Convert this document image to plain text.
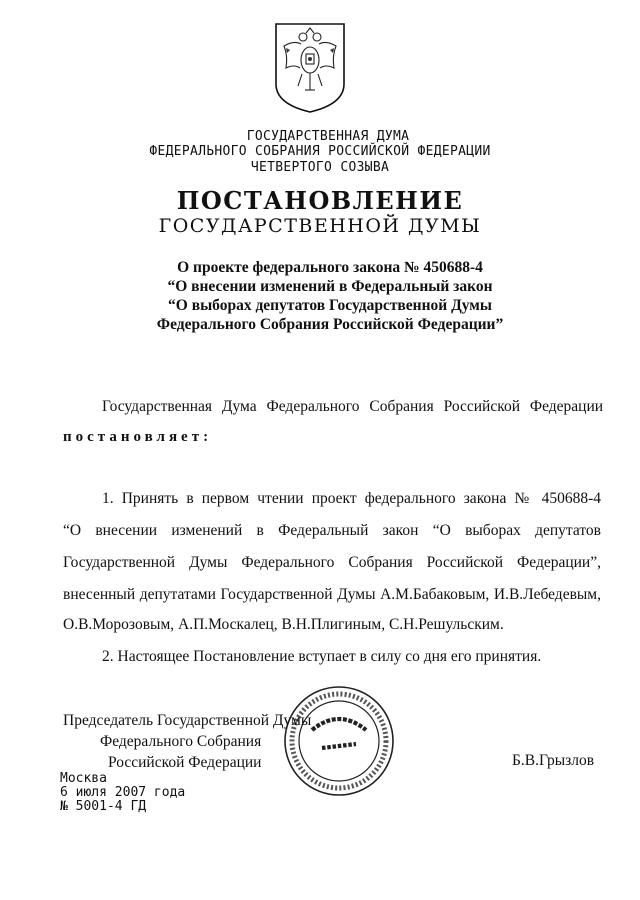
ГОСУДАРСТВЕННАЯ ДУМА
ФЕДЕРАЛЬНОГО СОБРАНИЯ РОССИЙСКОЙ ФЕДЕРАЦИИ
ЧЕТВЕРТОГО СОЗЫВА
ПОСТАНОВЛЕНИЕ
ГОСУДАРСТВЕННОЙ ДУМЫ
О проекте федерального закона № 450688-4
“О внесении изменений в Федеральный закон
“О выборах депутатов Государственной Думы
Федерального Собрания Российской Федерации”
Государственная Дума Федерального Собрания Российской Федерации
постановляет:
1. Принять в первом чтении проект федерального закона № 450688-4
“О внесении изменений в Федеральный закон “О выборах депутатов
Государственной Думы Федерального Собрания Российской Федерации”,
внесенный депутатами Государственной Думы А.М.Бабаковым, И.В.Лебедевым,
О.В.Морозовым, А.П.Москалец, В.Н.Плигиным, С.Н.Решульским.
2. Настоящее Постановление вступает в силу со дня его принятия.
Председатель Государственной Думы
Федерального Собрания
Российской Федерации	Б.В.Грызлов
Москва
6 июля 2007 года
№ 5001-4 ГД
